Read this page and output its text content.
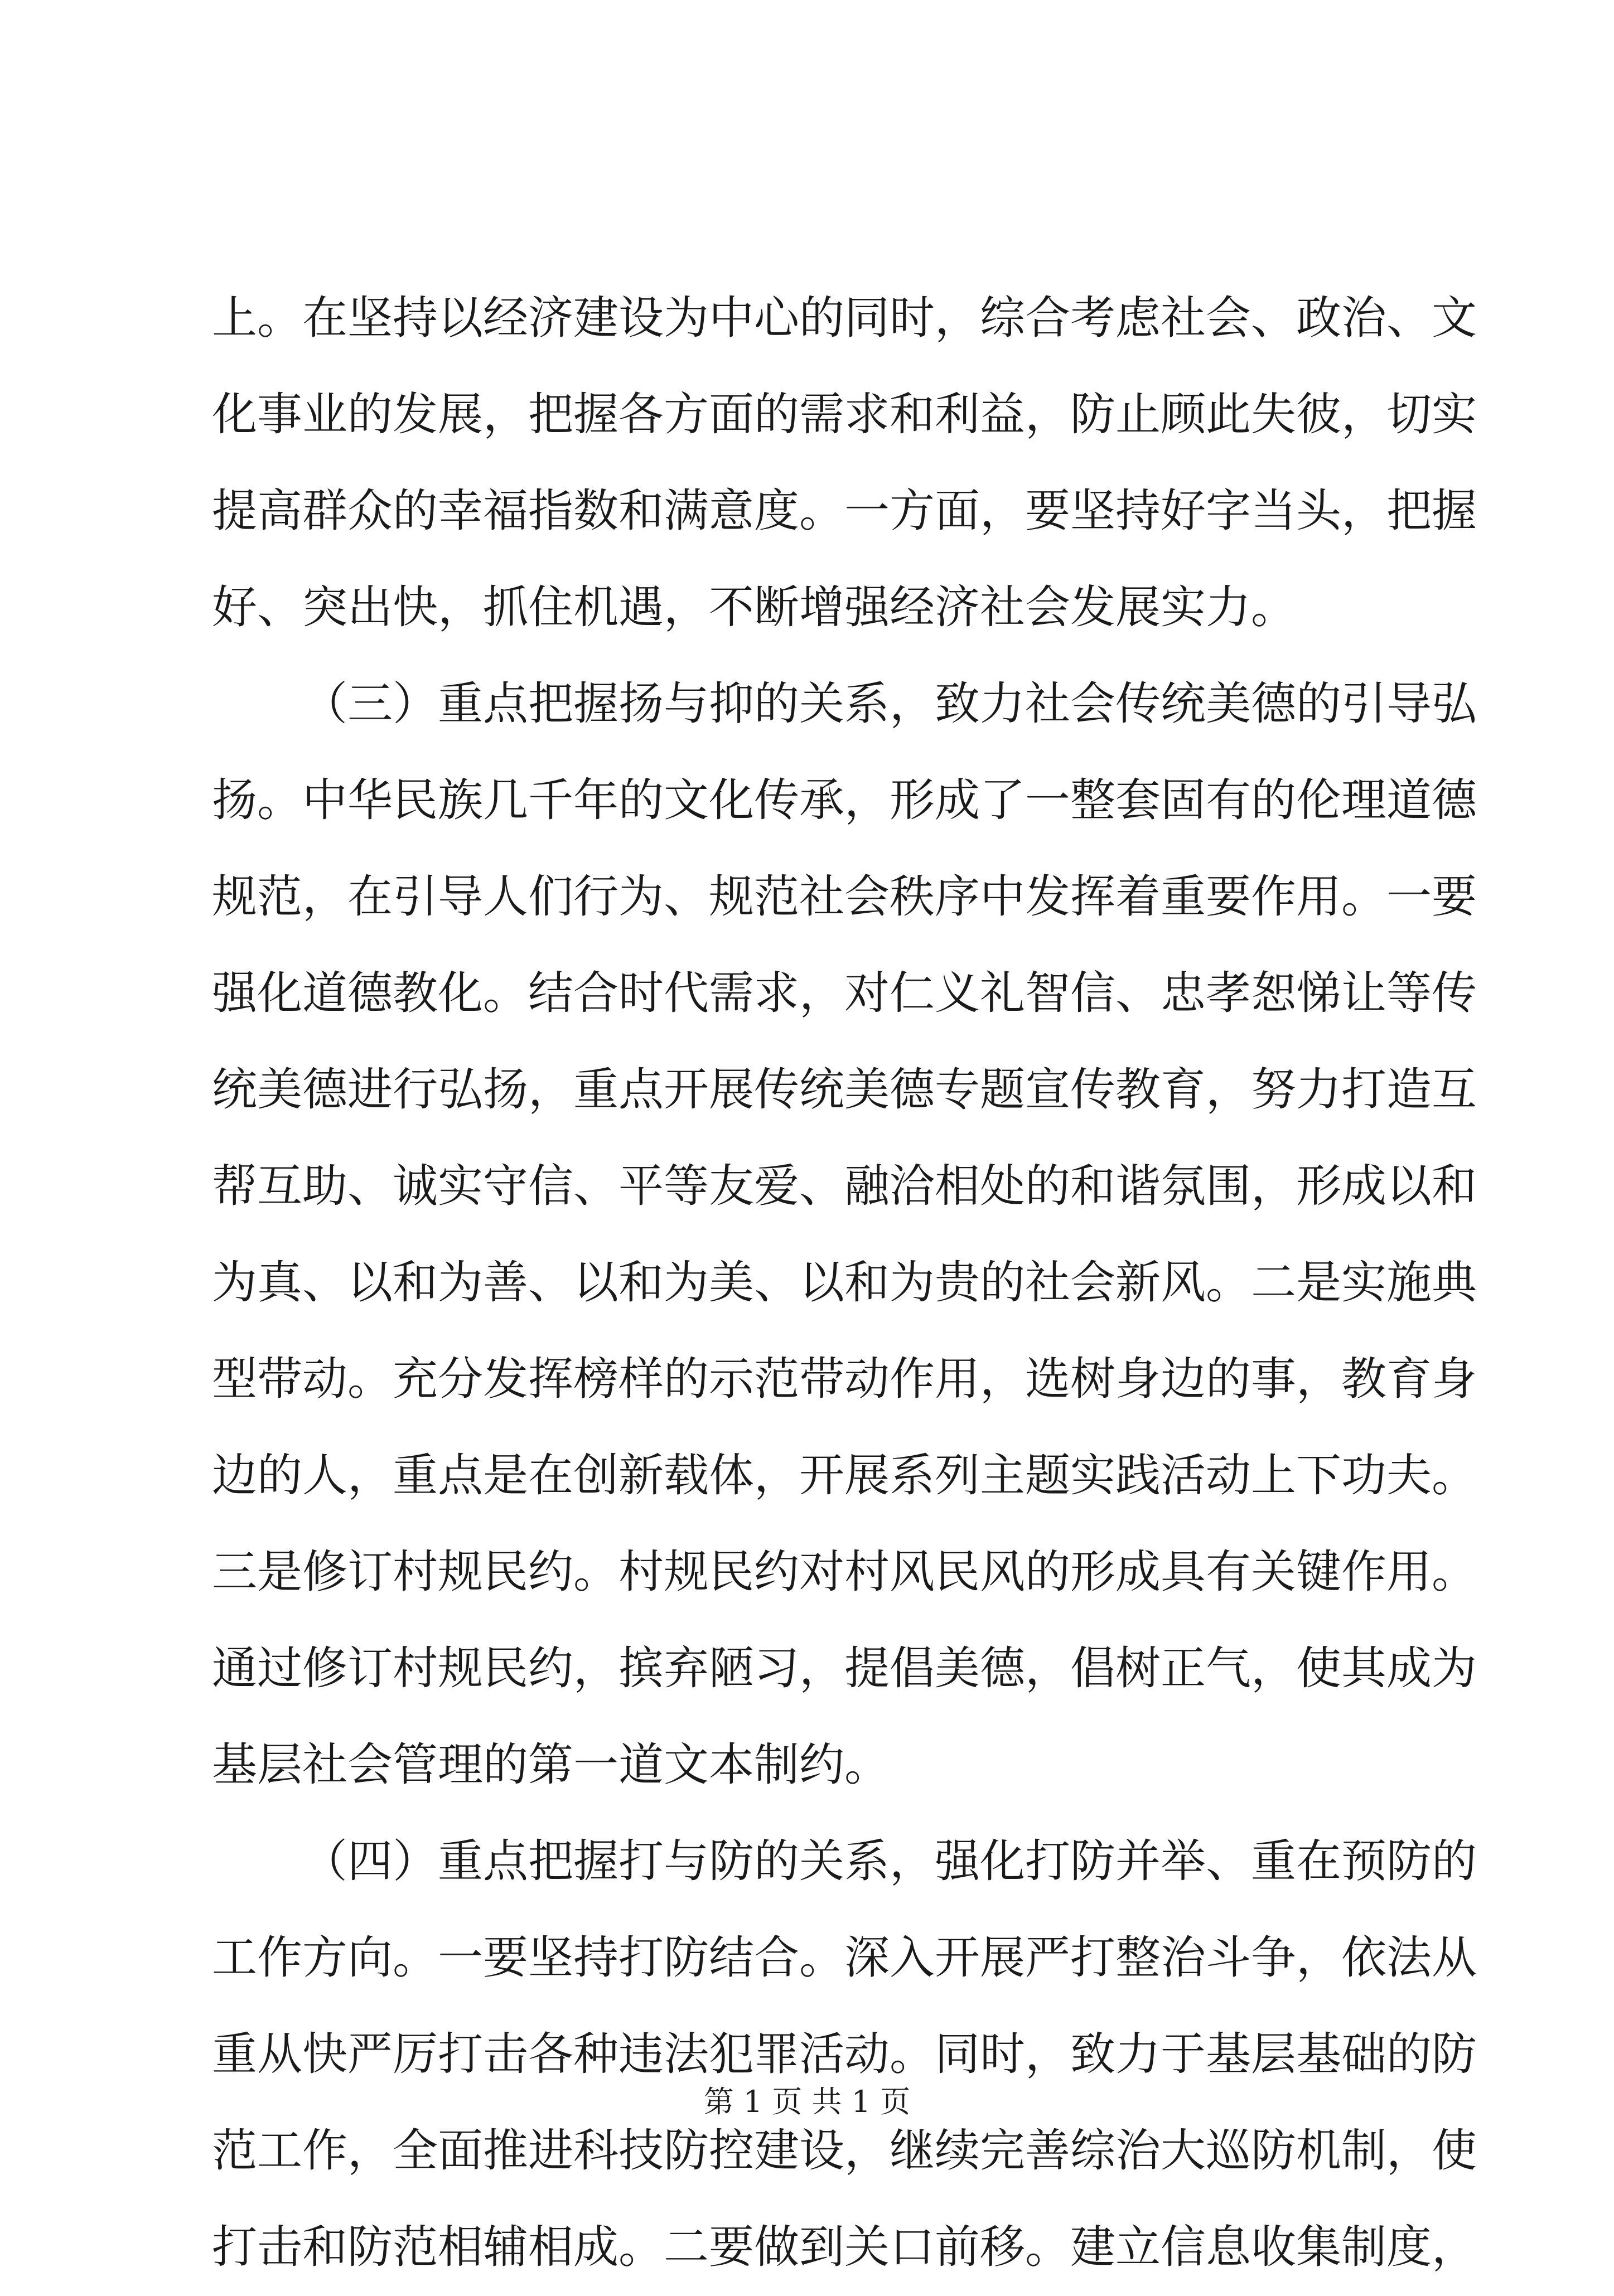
上。在坚持以经济建设为中心的同时，综合考虑社会、政治、文
化事业的发展，把握各方面的需求和利益，防止顾此失彼，切实
提高群众的幸福指数和满意度。一方面，要坚持好字当头，把握
好、突出快，抓住机遇，不断增强经济社会发展实力。
（三）重点把握扬与抑的关系，致力社会传统美德的引导弘
扬。中华民族几千年的文化传承，形成了一整套固有的伦理道德
规范，在引导人们行为、规范社会秩序中发挥着重要作用。一要
强化道德教化。结合时代需求，对仁义礼智信、忠孝恕悌让等传
统美德进行弘扬，重点开展传统美德专题宣传教育，努力打造互
帮互助、诚实守信、平等友爱、融洽相处的和谐氛围，形成以和
为真、以和为善、以和为美、以和为贵的社会新风。二是实施典
型带动。充分发挥榜样的示范带动作用，选树身边的事，教育身
边的人，重点是在创新载体，开展系列主题实践活动上下功夫。
三是修订村规民约。村规民约对村风民风的形成具有关键作用。
通过修订村规民约，摈弃陋习，提倡美德，倡树正气，使其成为
基层社会管理的第一道文本制约。
（四）重点把握打与防的关系，强化打防并举、重在预防的
工作方向。一要坚持打防结合。深入开展严打整治斗争，依法从
重从快严厉打击各种违法犯罪活动。同时，致力于基层基础的防
范工作，全面推进科技防控建设，继续完善综治大巡防机制，使
打击和防范相辅相成。二要做到关口前移。建立信息收集制度，
第 1 页 共 1 页
